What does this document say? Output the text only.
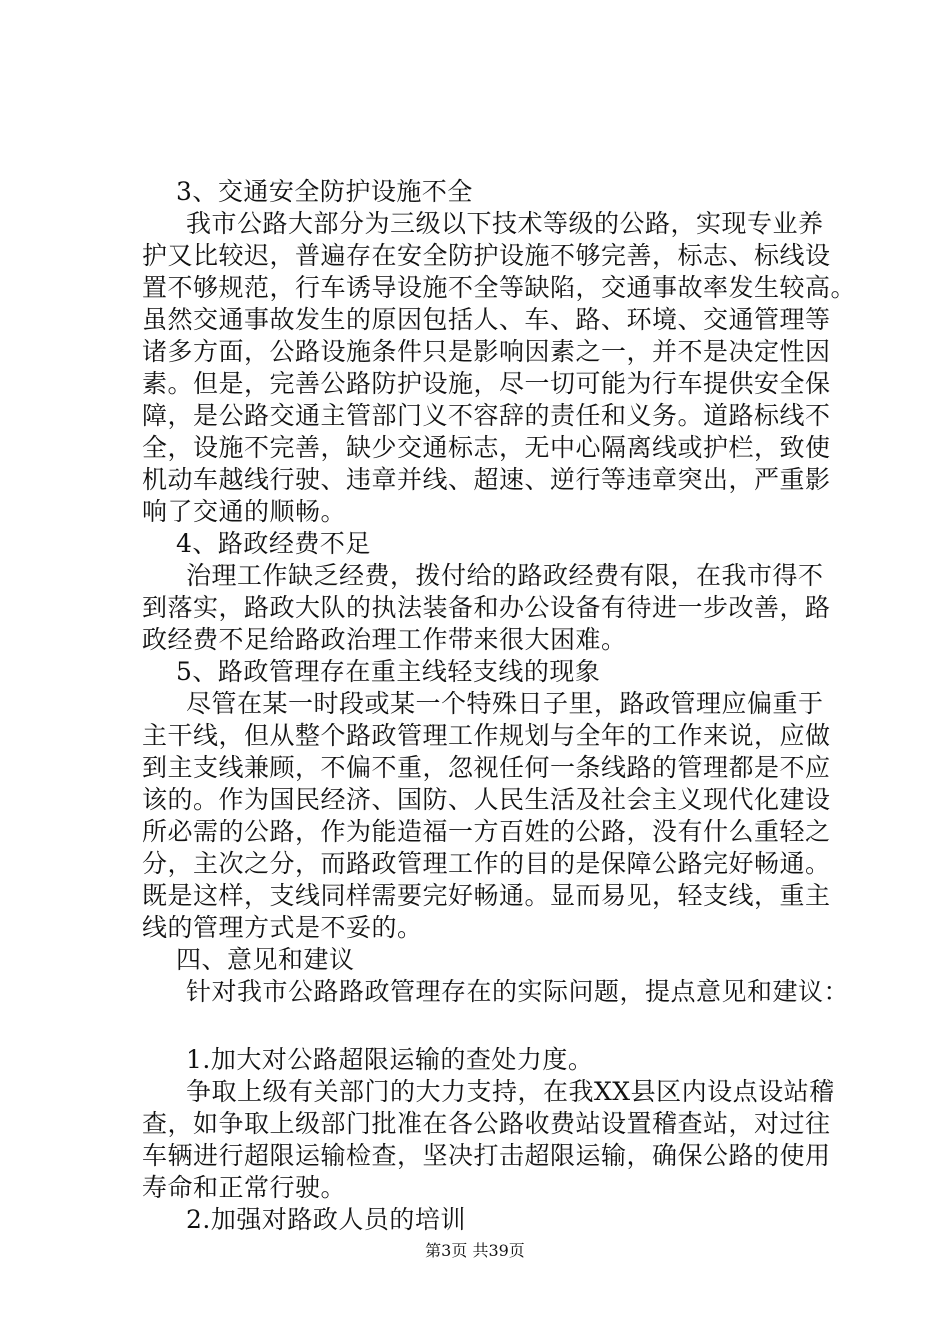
3、交通安全防护设施不全
我市公路大部分为三级以下技术等级的公路，实现专业养
护又比较迟，普遍存在安全防护设施不够完善，标志、标线设
置不够规范，行车诱导设施不全等缺陷，交通事故率发生较高。
虽然交通事故发生的原因包括人、车、路、环境、交通管理等
诸多方面，公路设施条件只是影响因素之一，并不是决定性因
素。但是，完善公路防护设施，尽一切可能为行车提供安全保
障，是公路交通主管部门义不容辞的责任和义务。道路标线不
全，设施不完善，缺少交通标志，无中心隔离线或护栏，致使
机动车越线行驶、违章并线、超速、逆行等违章突出，严重影
响了交通的顺畅。
4、路政经费不足
治理工作缺乏经费，拨付给的路政经费有限，在我市得不
到落实，路政大队的执法装备和办公设备有待进一步改善，路
政经费不足给路政治理工作带来很大困难。
5、路政管理存在重主线轻支线的现象
尽管在某一时段或某一个特殊日子里，路政管理应偏重于
主干线，但从整个路政管理工作规划与全年的工作来说，应做
到主支线兼顾，不偏不重，忽视任何一条线路的管理都是不应
该的。作为国民经济、国防、人民生活及社会主义现代化建设
所必需的公路，作为能造福一方百姓的公路，没有什么重轻之
分，主次之分，而路政管理工作的目的是保障公路完好畅通。
既是这样，支线同样需要完好畅通。显而易见，轻支线，重主
线的管理方式是不妥的。
四、意见和建议
针对我市公路路政管理存在的实际问题，提点意见和建议：
1.加大对公路超限运输的查处力度。
争取上级有关部门的大力支持，在我XX县区内设点设站稽
查，如争取上级部门批准在各公路收费站设置稽查站，对过往
车辆进行超限运输检查，坚决打击超限运输，确保公路的使用
寿命和正常行驶。
2.加强对路政人员的培训
第3页 共39页
